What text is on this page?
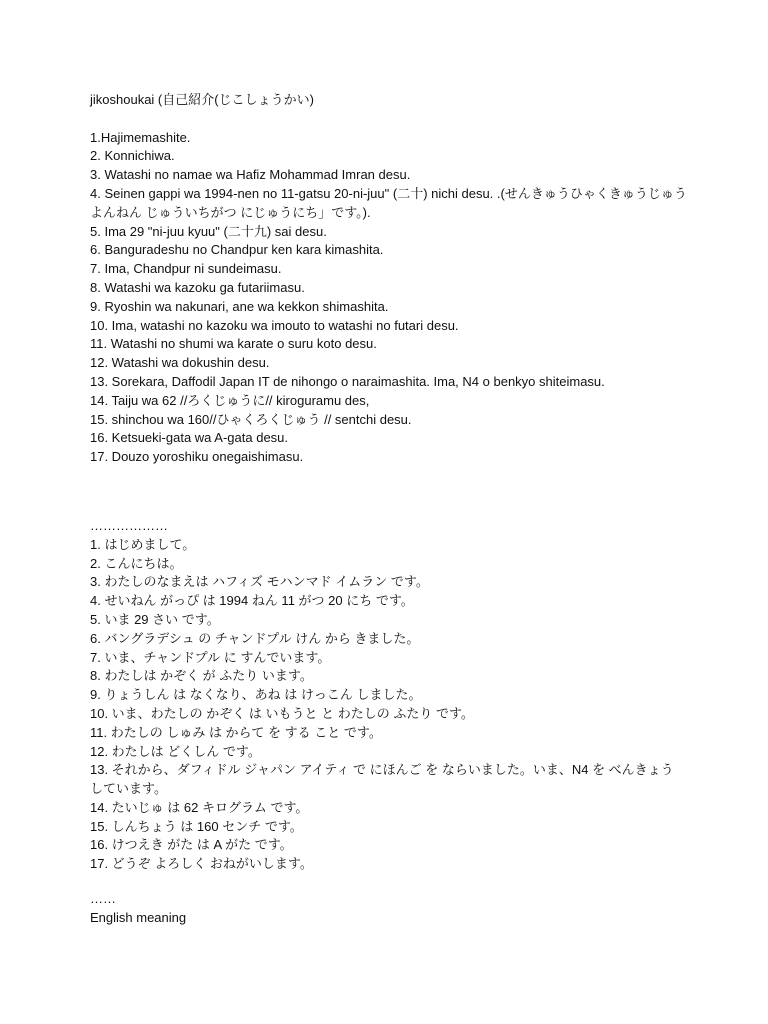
jikoshoukai (自己紹介(じこしょうかい)
1.Hajimemashite.
2. Konnichiwa.
3. Watashi no namae wa Hafiz Mohammad Imran desu.
4. Seinen gappi wa 1994-nen no 11-gatsu 20-ni-juu" (二十) nichi desu. .(せんきゅうひゃくきゅうじゅうよんねん じゅういちがつ にじゅうにち」です。).
5. Ima 29 "ni-juu kyuu" (二十九) sai desu.
6. Banguradeshu no Chandpur ken kara kimashita.
7. Ima, Chandpur ni sundeimasu.
8. Watashi wa kazoku ga futariimasu.
9. Ryoshin wa nakunari, ane wa kekkon shimashita.
10. Ima, watashi no kazoku wa imouto to watashi no futari desu.
11. Watashi no shumi wa karate o suru koto desu.
12. Watashi wa dokushin desu.
13. Sorekara, Daffodil Japan IT de nihongo o naraimashita. Ima, N4 o benkyo shiteimasu.
14. Taiju wa 62 //ろくじゅうに// kiroguramu des,
15. shinchou wa 160//ひゃくろくじゅう // sentchi desu.
16. Ketsueki-gata wa A-gata desu.
17. Douzo yoroshiku onegaishimasu.
………………
1. はじめまして。
2. こんにちは。
3. わたしのなまえは ハフィズ モハンマド イムラン です。
4. せいねん がっぴ は 1994 ねん 11 がつ 20 にち です。
5. いま 29 さい です。
6. バングラデシュ の チャンドプル けん から きました。
7. いま、チャンドプル に すんでいます。
8. わたしは かぞく が ふたり います。
9. りょうしん は なくなり、あね は けっこん しました。
10. いま、わたしの かぞく は いもうと と わたしの ふたり です。
11. わたしの しゅみ は からて を する こと です。
12. わたしは どくしん です。
13. それから、ダフィドル ジャパン アイティ で にほんご を ならいました。いま、N4 を べんきょう しています。
14. たいじゅ は 62 キログラム です。
15. しんちょう は 160 センチ です。
16. けつえき がた は A がた です。
17. どうぞ よろしく おねがいします。
……
English meaning
